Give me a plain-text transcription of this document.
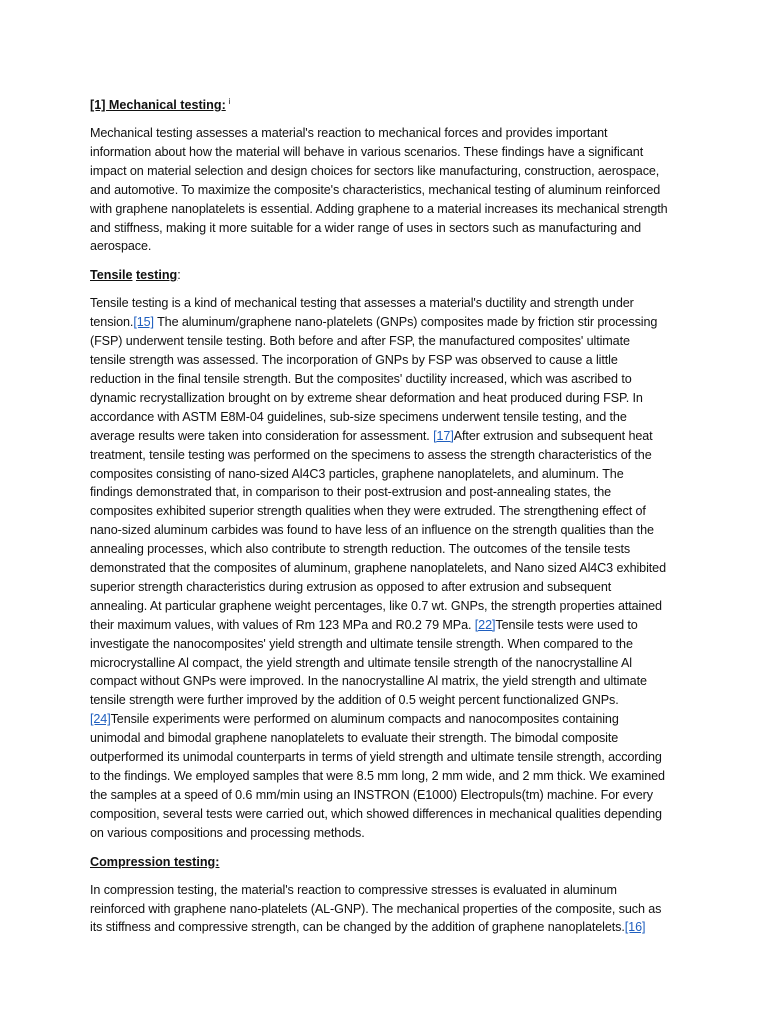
[1] Mechanical testing: $^i$

Mechanical testing assesses a material's reaction to mechanical forces and provides important information about how the material will behave in various scenarios. These findings have a significant impact on material selection and design choices for sectors like manufacturing, construction, aerospace, and automotive. To maximize the composite's characteristics, mechanical testing of aluminum reinforced with graphene nanoplatelets is essential. Adding graphene to a material increases its mechanical strength and stiffness, making it more suitable for a wider range of uses in sectors such as manufacturing and aerospace.

Tensile testing:

Tensile testing is a kind of mechanical testing that assesses a material's ductility and strength under tension.[15] The aluminum/graphene nano-platelets (GNPs) composites made by friction stir processing (FSP) underwent tensile testing. Both before and after FSP, the manufactured composites' ultimate tensile strength was assessed. The incorporation of GNPs by FSP was observed to cause a little reduction in the final tensile strength. But the composites' ductility increased, which was ascribed to dynamic recrystallization brought on by extreme shear deformation and heat produced during FSP. In accordance with ASTM E8M-04 guidelines, sub-size specimens underwent tensile testing, and the average results were taken into consideration for assessment. [17]After extrusion and subsequent heat treatment, tensile testing was performed on the specimens to assess the strength characteristics of the composites consisting of nano-sized Al4C3 particles, graphene nanoplatelets, and aluminum. The findings demonstrated that, in comparison to their post-extrusion and post-annealing states, the composites exhibited superior strength qualities when they were extruded. The strengthening effect of nano-sized aluminum carbides was found to have less of an influence on the strength qualities than the annealing processes, which also contribute to strength reduction. The outcomes of the tensile tests demonstrated that the composites of aluminum, graphene nanoplatelets, and Nano sized Al4C3 exhibited superior strength characteristics during extrusion as opposed to after extrusion and subsequent annealing. At particular graphene weight percentages, like 0.7 wt. GNPs, the strength properties attained their maximum values, with values of Rm 123 MPa and R0.2 79 MPa. [22]Tensile tests were used to investigate the nanocomposites' yield strength and ultimate tensile strength. When compared to the microcrystalline Al compact, the yield strength and ultimate tensile strength of the nanocrystalline Al compact without GNPs were improved. In the nanocrystalline Al matrix, the yield strength and ultimate tensile strength were further improved by the addition of 0.5 weight percent functionalized GNPs. [24]Tensile experiments were performed on aluminum compacts and nanocomposites containing unimodal and bimodal graphene nanoplatelets to evaluate their strength. The bimodal composite outperformed its unimodal counterparts in terms of yield strength and ultimate tensile strength, according to the findings. We employed samples that were 8.5 mm long, 2 mm wide, and 2 mm thick. We examined the samples at a speed of 0.6 mm/min using an INSTRON (E1000) Electropuls(tm) machine. For every composition, several tests were carried out, which showed differences in mechanical qualities depending on various compositions and processing methods.

Compression testing:

In compression testing, the material's reaction to compressive stresses is evaluated in aluminum reinforced with graphene nano-platelets (AL-GNP). The mechanical properties of the composite, such as its stiffness and compressive strength, can be changed by the addition of graphene nanoplatelets.[16]
